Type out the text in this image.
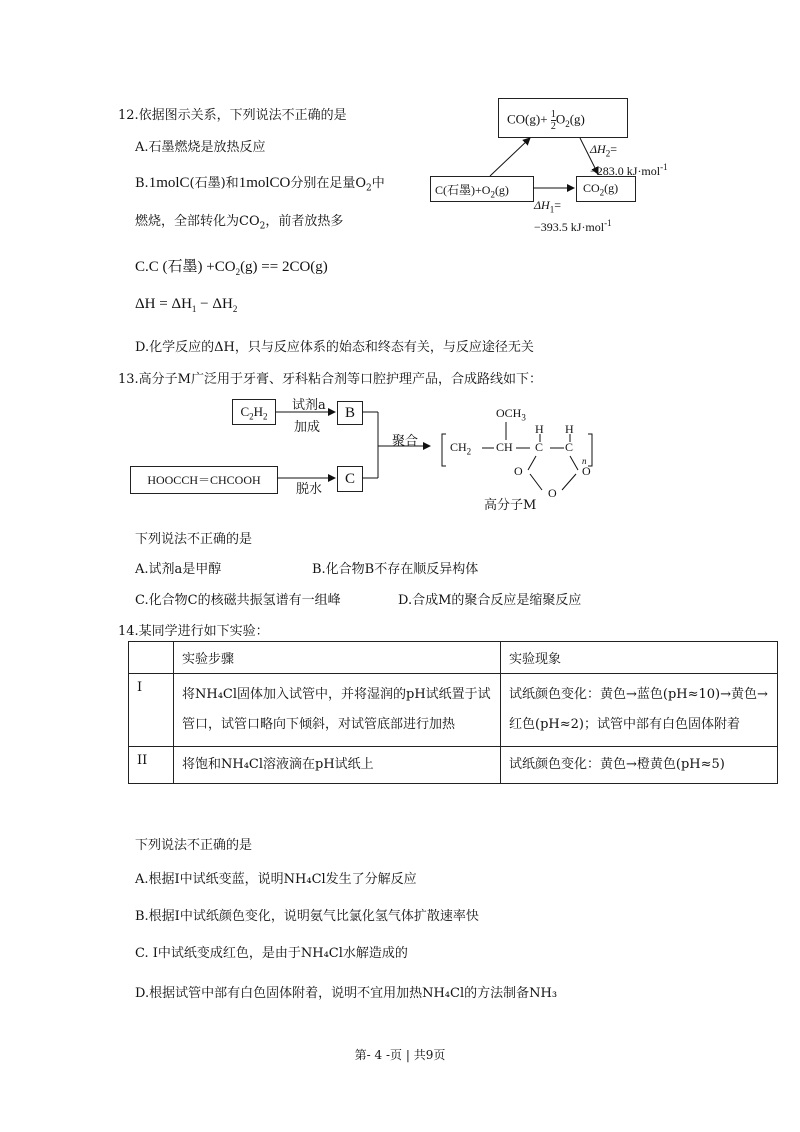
12.依据图示关系，下列说法不正确的是
A.石墨燃烧是放热反应
B.1molC(石墨)和1molCO分别在足量$O_2$中
燃烧，全部转化为$CO_2$，前者放热多
C.C (石墨) $+CO_2(g) == 2CO(g)$
$\Delta H = \Delta H_1 - \Delta H_2$
D.化学反应的ΔH，只与反应体系的始态和终态有关，与反应途径无关
$CO(g)+ \frac{1}{2} O_2(g)$
C(石墨)$+O_2(g)$	$CO_2(g)$
$\Delta H_2=$
−283.0 kJ·mol$^{-1}$
$\Delta H_1=$
−393.5 kJ·mol$^{-1}$
13.高分子M广泛用于牙膏、牙科粘合剂等口腔护理产品，合成路线如下：
$C_2H_2$
试剂a
加成
B
HOOCCH＝CHCOOH
脱水
C
聚合
$OCH_3$
$CH_2$ CH
H H
C C
O
O
O
n
高分子M
下列说法不正确的是
A.试剂a是甲醇	B.化合物B不存在顺反异构体
C.化合物C的核磁共振氢谱有一组峰	D.合成M的聚合反应是缩聚反应
14.某同学进行如下实验：
	实验步骤	实验现象
I	将NH₄Cl固体加入试管中，并将湿润的pH试纸置于试管口，试管口略向下倾斜，对试管底部进行加热	试纸颜色变化：黄色→蓝色(pH≈10)→黄色→红色(pH≈2)；试管中部有白色固体附着
II	将饱和NH₄Cl溶液滴在pH试纸上	试纸颜色变化：黄色→橙黄色(pH≈5)
下列说法不正确的是
A.根据I中试纸变蓝，说明NH₄Cl发生了分解反应
B.根据I中试纸颜色变化，说明氨气比氯化氢气体扩散速率快
C. I中试纸变成红色，是由于NH₄Cl水解造成的
D.根据试管中部有白色固体附着，说明不宜用加热NH₄Cl的方法制备NH₃
第- 4 -页 | 共9页
